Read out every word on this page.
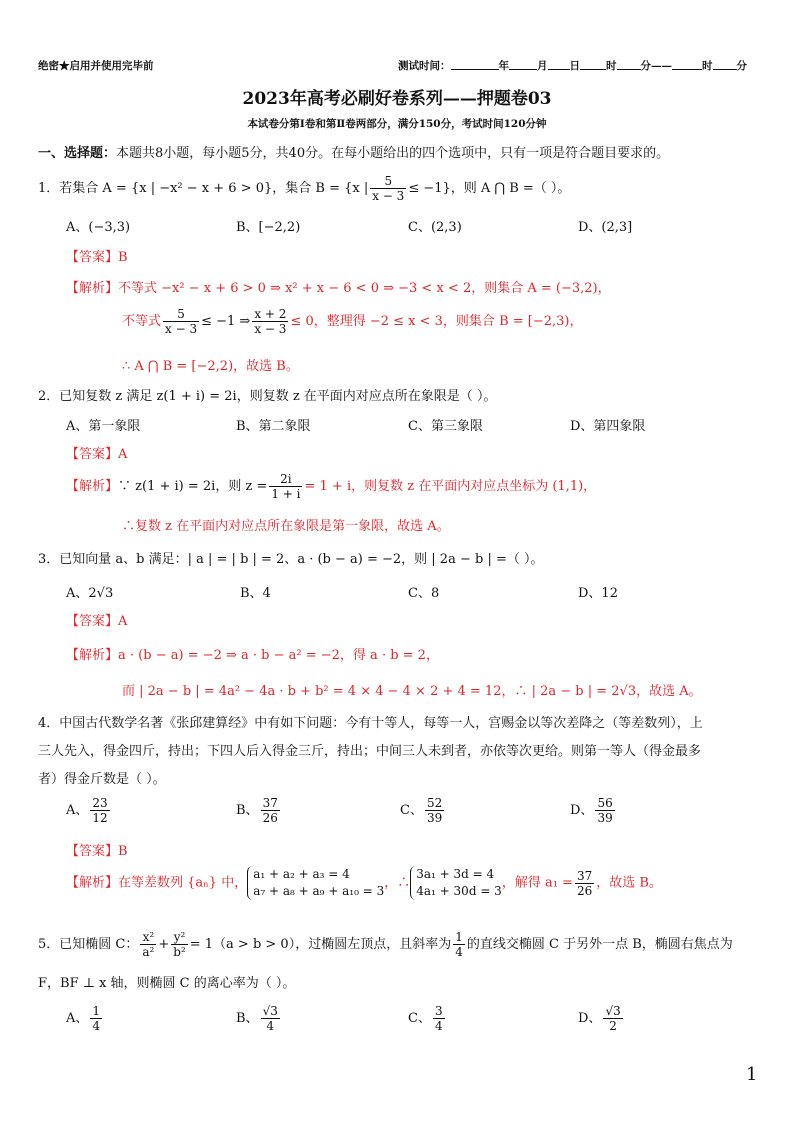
绝密★启用并使用完毕前	测试时间：	年	月 日 时 分——	时 分
2023年高考必刷好卷系列——押题卷03
本试卷分第Ⅰ卷和第Ⅱ卷两部分，满分150分，考试时间120分钟
一、选择题：本题共8小题，每小题5分，共40分。在每小题给出的四个选项中，只有一项是符合题目要求的。
1．若集合 A = {x | −x² − x + 6 > 0}，集合 B = {x | $\frac{5}{x - 3} \le -1$}，则 A ⋂ B =（ ）。
A、(−3,3)	B、[−2,2)	C、(2,3)	D、(2,3]
【答案】B
【解析】不等式 −x² − x + 6 > 0 ⇒ x² + x − 6 < 0 ⇒ −3 < x < 2，则集合 A = (−3,2)，
不等式 $\frac{5}{x - 3} \le -1$ ⇒ $\frac{x + 2}{x - 3} \le 0$，整理得 −2 ≤ x < 3，则集合 B = [−2,3)，
∴ A ⋂ B = [−2,2)，故选 B。
2．已知复数 z 满足 z(1 + i) = 2i，则复数 z 在平面内对应点所在象限是（ ）。
A、第一象限	B、第二象限	C、第三象限	D、第四象限
【答案】A
【解析】∵ z(1 + i) = 2i，则 $z = \frac{2i}{1 + i} = 1 + i$，则复数 z 在平面内对应点坐标为 (1,1)，
∴复数 z 在平面内对应点所在象限是第一象限，故选 A。
3．已知向量 a、b 满足：| a | = | b | = 2、a · (b − a) = −2，则 | 2a − b | =（ ）。
A、2√3	B、4	C、8	D、12
【答案】A
【解析】a · (b − a) = −2 ⇒ a · b − a² = −2，得 a · b = 2，
而 | 2a − b | = 4a² − 4a · b + b² = 4 × 4 − 4 × 2 + 4 = 12，∴ | 2a − b | = 2√3，故选 A。
4．中国古代数学名著《张邱建算经》中有如下问题：今有十等人，每等一人，宫赐金以等次差降之（等差数列），上
三人先入，得金四斤，持出；下四人后入得金三斤，持出；中间三人未到者，亦依等次更给。则第一等人（得金最多
者）得金斤数是（ ）。
A、 $\frac{23}{12}$	B、 $\frac{37}{26}$	C、 $\frac{52}{39}$	D、 $\frac{56}{39}$
【答案】B
【解析】在等差数列 {aₙ} 中，a₁ + a₂ + a₃ = 4
a₇ + a₈ + a₉ + a₁₀ = 3，∴3a₁ + 3d = 4
4a₁ + 30d = 3，解得 $a_1 = \frac{37}{26}$ ，故选 B。
5．已知椭圆 C： $\frac{\text{x²}}{\text{a²}} + \frac{\text{y²}}{\text{b²}} = 1(a > b > 0)$，过椭圆左顶点，且斜率为 $\frac{1}{4}$ 的直线交椭圆 C 于另外一点 B，椭圆右焦点为
F，BF ⊥ x 轴，则椭圆 C 的离心率为（ ）。
A、 $\frac{1}{4}$	B、 $\frac{√3}{4}$	C、 $\frac{3}{4}$	D、 $\frac{√3}{2}$
1
